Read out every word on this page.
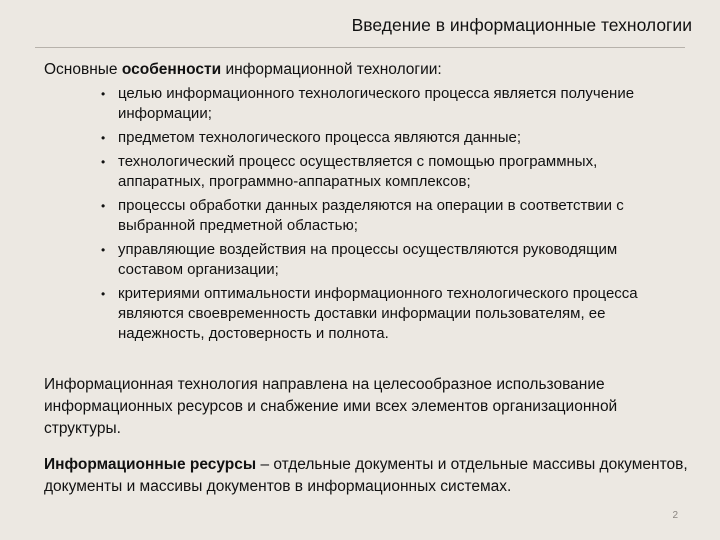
Введение в информационные технологии
Основные особенности информационной технологии:
• целью информационного технологического процесса является получение информации;
• предметом технологического процесса являются данные;
• технологический процесс осуществляется с помощью программных, аппаратных, программно-аппаратных комплексов;
• процессы обработки данных разделяются на операции в соответствии с выбранной предметной областью;
• управляющие воздействия на процессы осуществляются руководящим составом организации;
• критериями оптимальности информационного технологического процесса являются своевременность доставки информации пользователям, ее надежность, достоверность и полнота.

Информационная технология направлена на целесообразное использование информационных ресурсов и снабжение ими всех элементов организационной структуры.

Информационные ресурсы – отдельные документы и отдельные массивы документов, документы и массивы документов в информационных системах.

2
